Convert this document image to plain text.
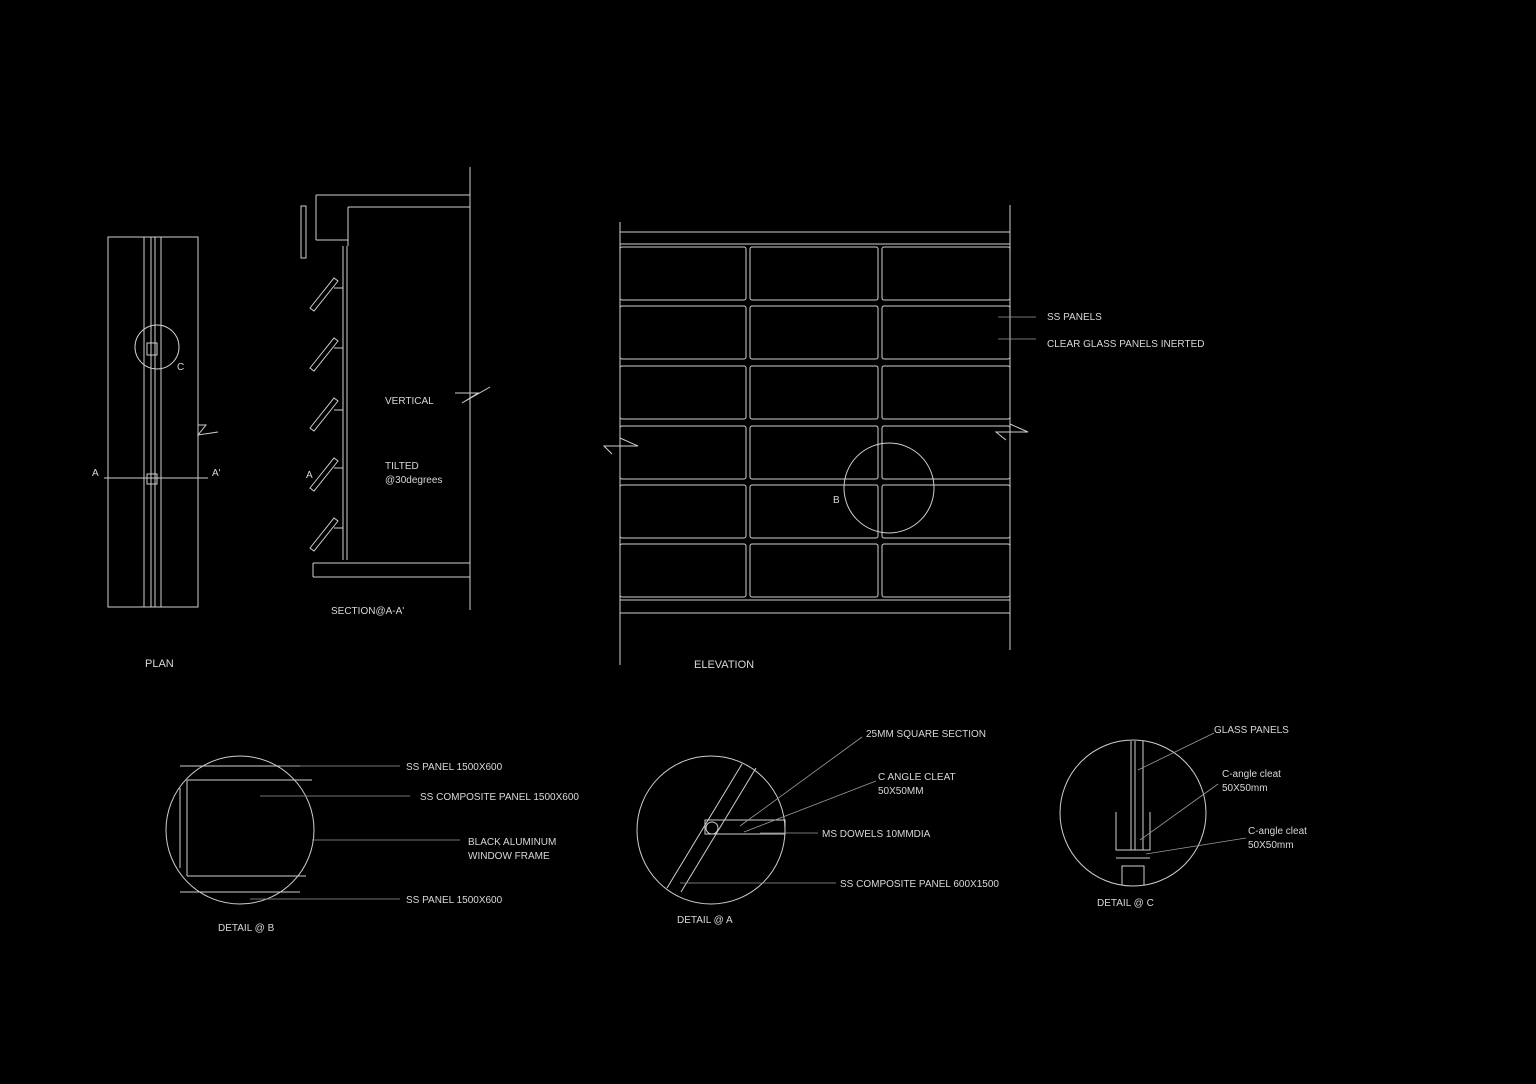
C
A	A'
PLAN
VERTICAL
TILTED
@30degrees
A
SECTION@A-A'
B
SS PANELS
CLEAR GLASS PANELS INERTED
ELEVATION
SS PANEL 1500X600
SS COMPOSITE PANEL 1500X600
BLACK ALUMINUM
WINDOW FRAME
SS PANEL 1500X600
DETAIL @ B
25MM SQUARE SECTION
C ANGLE CLEAT
50X50MM
MS DOWELS 10MMDIA
SS COMPOSITE PANEL 600X1500
DETAIL @ A
GLASS PANELS
C-angle cleat
50X50mm
C-angle cleat
50X50mm
DETAIL @ C
